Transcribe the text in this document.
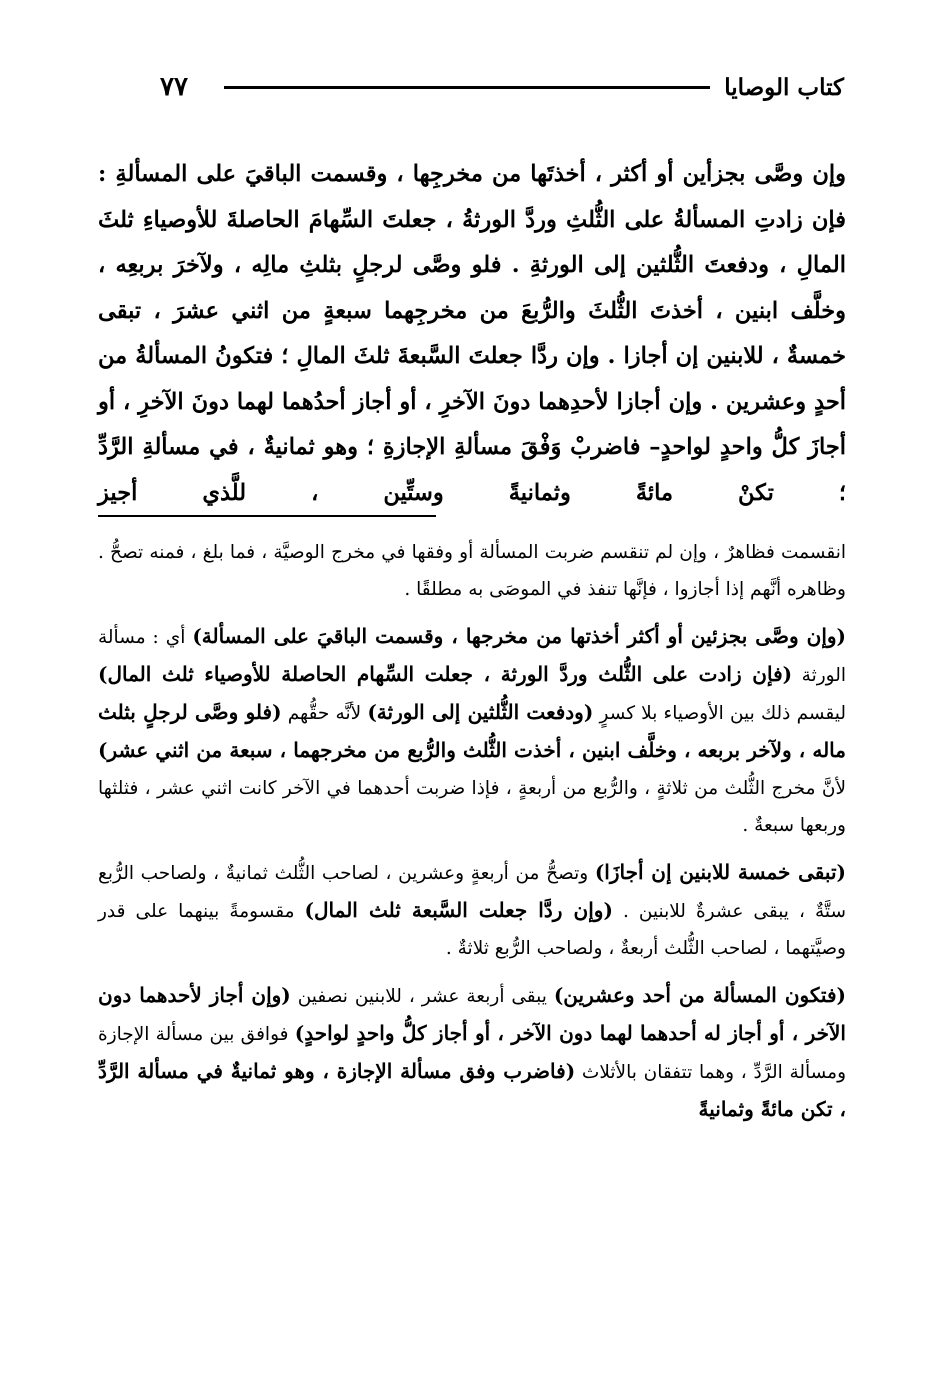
كتاب الوصايا
٧٧

وإن وصَّى بجزأين أو أكثر ، أخذتَها من مخرجِها ، وقسمت الباقيَ على المسألةِ : فإن زادتِ المسألةُ على الثُّلثِ وردَّ الورثةُ ، جعلتَ السِّهامَ الحاصلةَ للأوصياءِ ثلثَ المالِ ، ودفعتَ الثُّلثين إلى الورثةِ . فلو وصَّى لرجلٍ بثلثِ مالِه ، ولآخرَ بربعِه ، وخلَّف ابنين ، أخذتَ الثُّلثَ والرُّبعَ من مخرجِهما سبعةٍ من اثني عشرَ ، تبقى خمسةٌ ، للابنين إن أجازا . وإن ردَّا جعلتَ السَّبعةَ ثلثَ المالِ ؛ فتكونُ المسألةُ من أحدٍ وعشرين . وإن أجازا لأحدِهما دونَ الآخرِ ، أو أجاز أحدُهما لهما دونَ الآخرِ ، أو أجازَ كلُّ واحدٍ لواحدٍ– فاضربْ وَفْقَ مسألةِ الإجازةِ ؛ وهو ثمانيةٌ ، في مسألةِ الرَّدِّ ؛ تكنْ مائةً وثمانيةً وستِّين ، للَّذي أجيز

انقسمت فظاهرٌ ، وإن لم تنقسم ضربت المسألة أو وفقها في مخرج الوصيَّة ، فما بلغ ، فمنه تصحُّ . وظاهره أنَّهم إذا أجازوا ، فإنَّها تنفذ في الموصَى به مطلقًا .

(وإن وصَّى بجزئين أو أكثر أخذتها من مخرجها ، وقسمت الباقيَ على المسألة) أي : مسألة الورثة (فإن زادت على الثُّلث وردَّ الورثة ، جعلت السِّهام الحاصلة للأوصياء ثلث المال) ليقسم ذلك بين الأوصياء بلا كسرٍ (ودفعت الثُّلثين إلى الورثة) لأنَّه حقُّهم (فلو وصَّى لرجلٍ بثلث ماله ، ولآخر بربعه ، وخلَّف ابنين ، أخذت الثُّلث والرُّبع من مخرجهما ، سبعة من اثني عشر) لأنَّ مخرج الثُّلث من ثلاثةٍ ، والرُّبع من أربعةٍ ، فإذا ضربت أحدهما في الآخر كانت اثني عشر ، فثلثها وربعها سبعةٌ .

(تبقى خمسة للابنين إن أجازَا) وتصحُّ من أربعةٍ وعشرين ، لصاحب الثُّلث ثمانيةٌ ، ولصاحب الرُّبع ستَّةٌ ، يبقى عشرةٌ للابنين . (وإن ردَّا جعلت السَّبعة ثلث المال) مقسومةً بينهما على قدر وصيَّتهما ، لصاحب الثُّلث أربعةٌ ، ولصاحب الرُّبع ثلاثةٌ .

(فتكون المسألة من أحد وعشرين) يبقى أربعة عشر ، للابنين نصفين (وإن أجاز لأحدهما دون الآخر ، أو أجاز له أحدهما لهما دون الآخر ، أو أجاز كلُّ واحدٍ لواحدٍ) فوافق بين مسألة الإجازة ومسألة الرَّدِّ ، وهما تتفقان بالأثلاث (فاضرب وفق مسألة الإجازة ، وهو ثمانيةٌ في مسألة الرَّدِّ ، تكن مائةً وثمانيةً
